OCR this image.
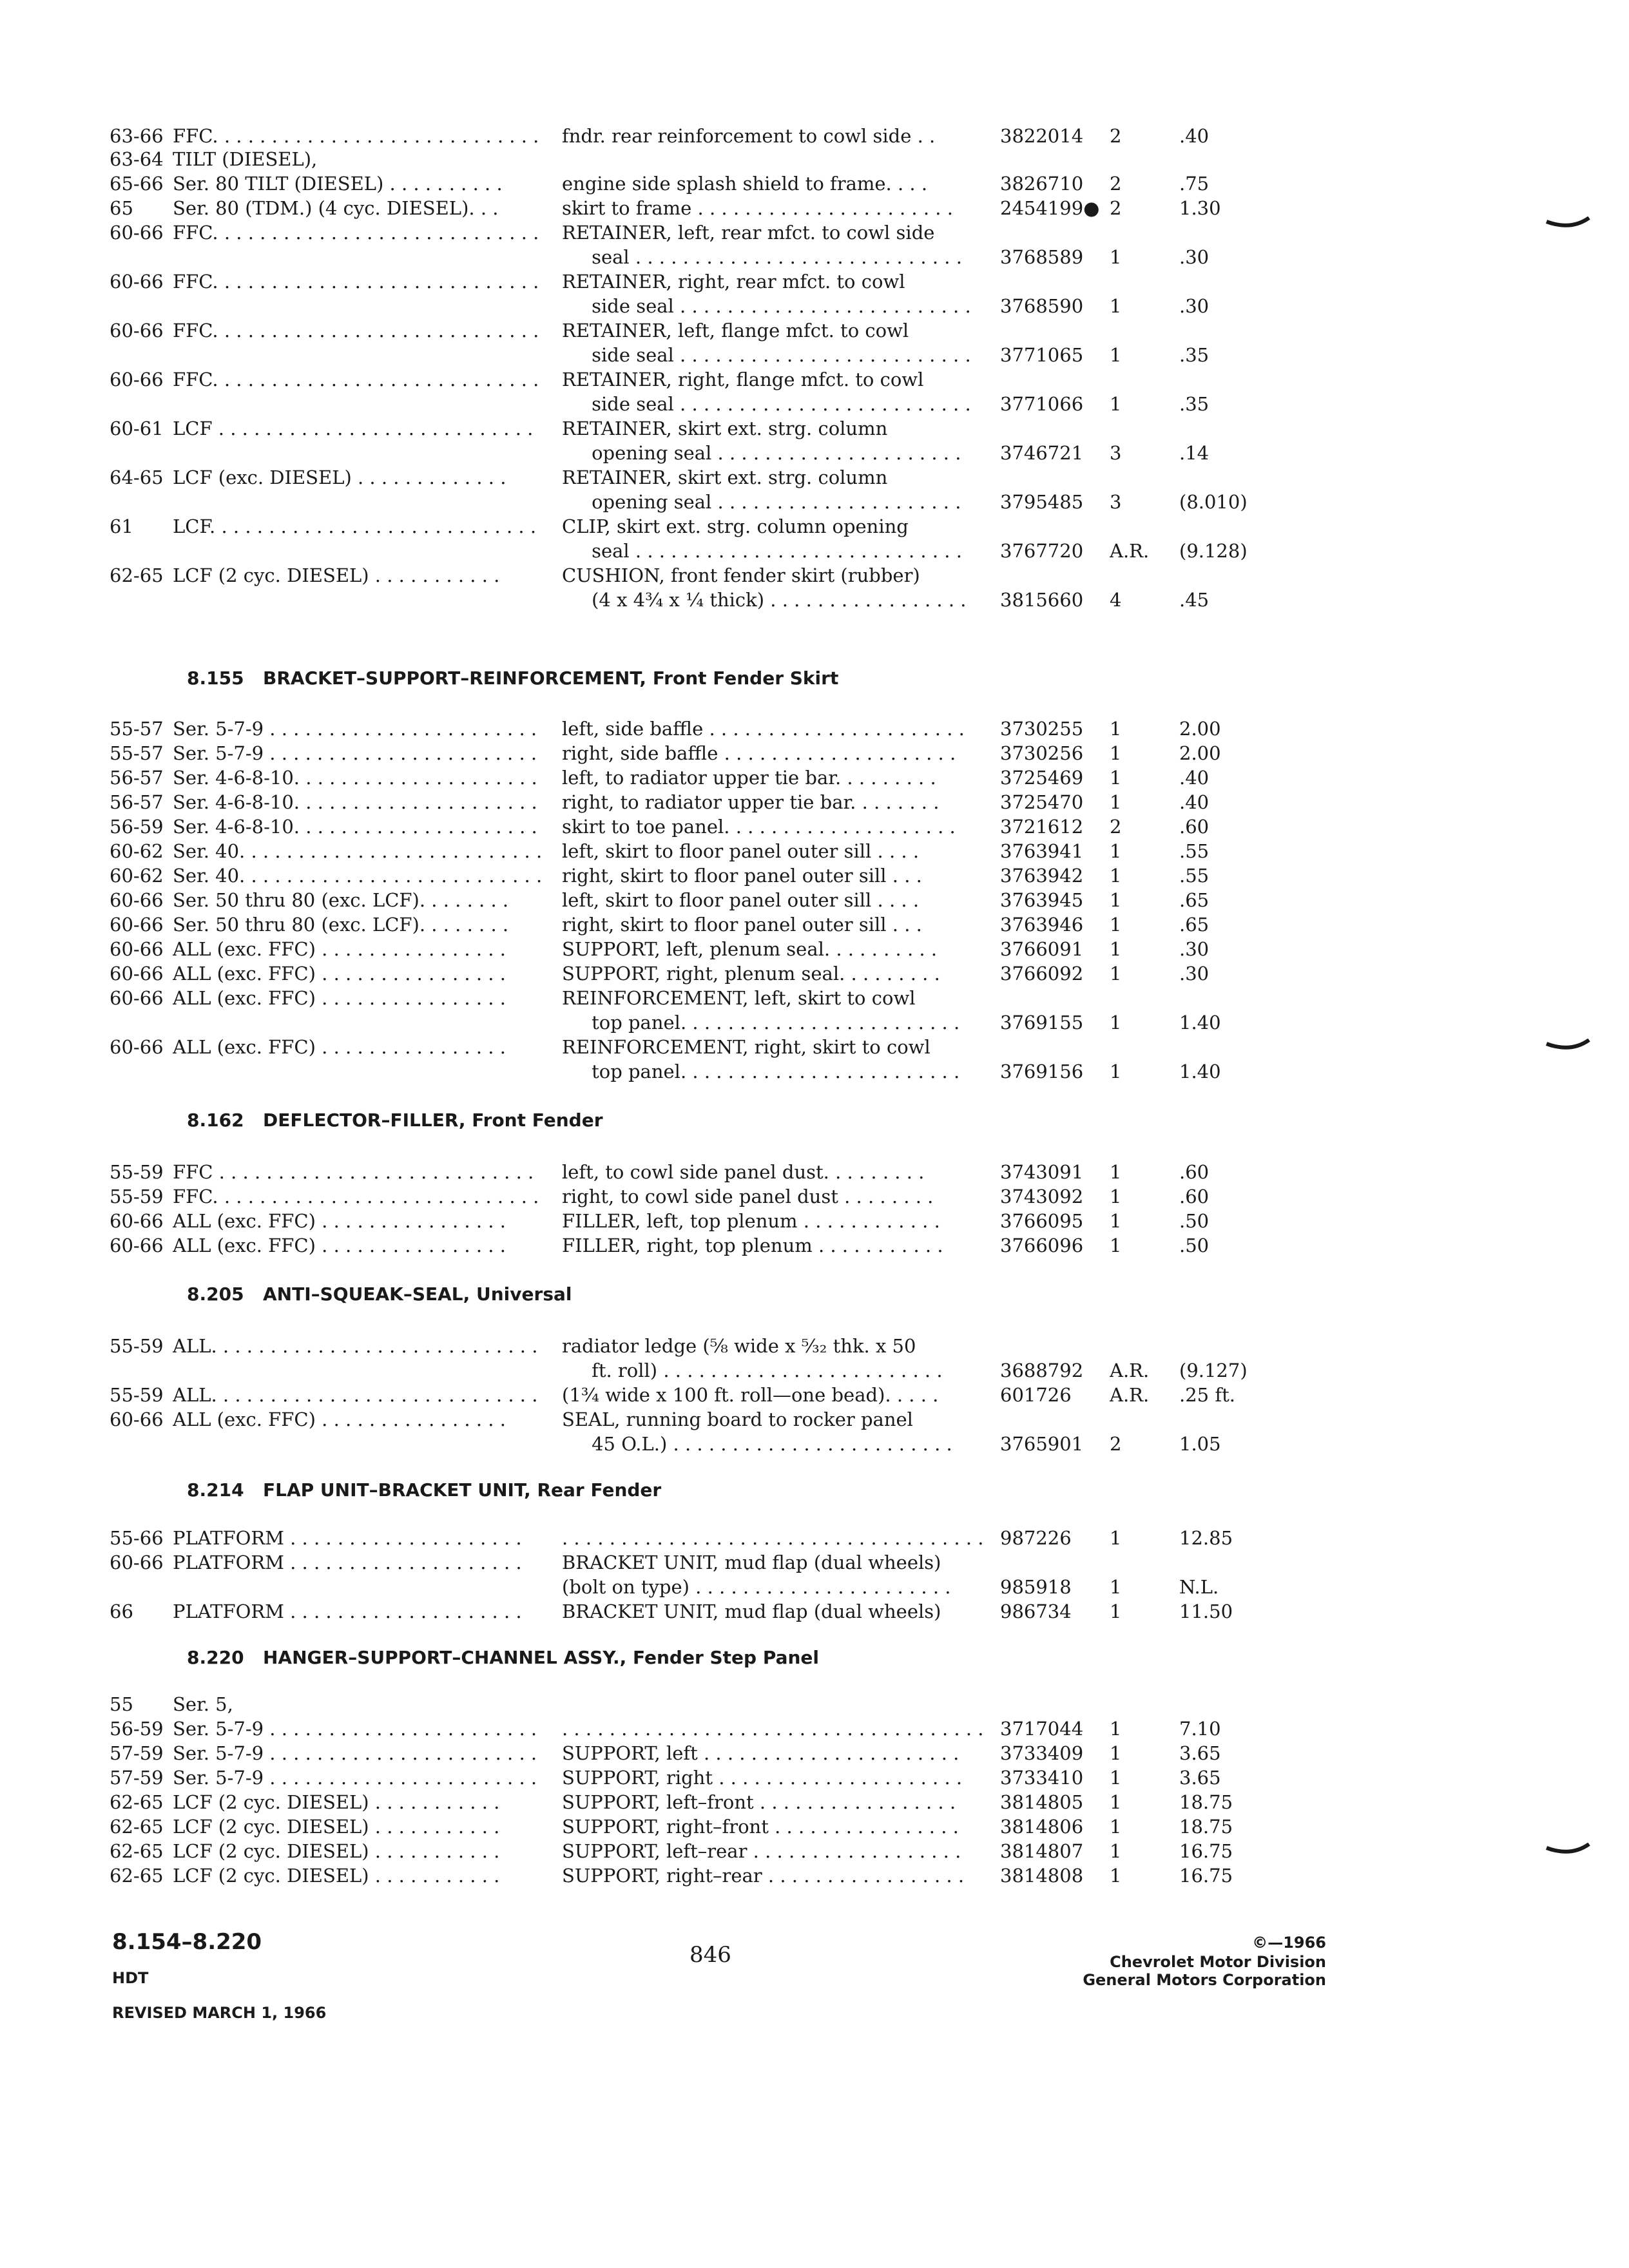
63-66 FFC. . . . . . . . . . . . . . . . . . . . . . . . . . . .	fndr. rear reinforcement to cowl side . .	3822014	2	.40
63-64 TILT (DIESEL),
65-66 Ser. 80 TILT (DIESEL) . . . . . . . . . .	engine side splash shield to frame. . . .	3826710	2	.75
65	Ser. 80 (TDM.) (4 cyc. DIESEL). . .	skirt to frame . . . . . . . . . . . . . . . . . . . . . .	2454199● 2	1.30
60-66 FFC. . . . . . . . . . . . . . . . . . . . . . . . . . . .	RETAINER, left, rear mfct. to cowl side
seal . . . . . . . . . . . . . . . . . . . . . . . . . . . .	3768589	1	.30
60-66 FFC. . . . . . . . . . . . . . . . . . . . . . . . . . . .	RETAINER, right, rear mfct. to cowl
side seal . . . . . . . . . . . . . . . . . . . . . . . . .	3768590	1	.30
60-66 FFC. . . . . . . . . . . . . . . . . . . . . . . . . . . .	RETAINER, left, flange mfct. to cowl
side seal . . . . . . . . . . . . . . . . . . . . . . . . .	3771065	1	.35
60-66 FFC. . . . . . . . . . . . . . . . . . . . . . . . . . . .	RETAINER, right, flange mfct. to cowl
side seal . . . . . . . . . . . . . . . . . . . . . . . . .	3771066	1	.35
60-61 LCF . . . . . . . . . . . . . . . . . . . . . . . . . . .	RETAINER, skirt ext. strg. column
opening seal . . . . . . . . . . . . . . . . . . . . .	3746721	3	.14
64-65 LCF (exc. DIESEL) . . . . . . . . . . . . .	RETAINER, skirt ext. strg. column
opening seal . . . . . . . . . . . . . . . . . . . . .	3795485	3	(8.010)
61	LCF. . . . . . . . . . . . . . . . . . . . . . . . . . . .	CLIP, skirt ext. strg. column opening
seal . . . . . . . . . . . . . . . . . . . . . . . . . . . .	3767720	A.R.	(9.128)
62-65 LCF (2 cyc. DIESEL) . . . . . . . . . . .	CUSHION, front fender skirt (rubber)
(4 x 4¾ x ¼ thick) . . . . . . . . . . . . . . . . .	3815660	4	.45
8.155 BRACKET–SUPPORT–REINFORCEMENT, Front Fender Skirt
55-57 Ser. 5-7-9 . . . . . . . . . . . . . . . . . . . . . . .	left, side baffle . . . . . . . . . . . . . . . . . . . . . .	3730255	1	2.00
55-57 Ser. 5-7-9 . . . . . . . . . . . . . . . . . . . . . . .	right, side baffle . . . . . . . . . . . . . . . . . . . .	3730256	1	2.00
56-57 Ser. 4-6-8-10. . . . . . . . . . . . . . . . . . . . .	left, to radiator upper tie bar. . . . . . . . .	3725469	1	.40
56-57 Ser. 4-6-8-10. . . . . . . . . . . . . . . . . . . . .	right, to radiator upper tie bar. . . . . . . .	3725470	1	.40
56-59 Ser. 4-6-8-10. . . . . . . . . . . . . . . . . . . . .	skirt to toe panel. . . . . . . . . . . . . . . . . . . .	3721612	2	.60
60-62 Ser. 40. . . . . . . . . . . . . . . . . . . . . . . . . .	left, skirt to floor panel outer sill . . . .	3763941	1	.55
60-62 Ser. 40. . . . . . . . . . . . . . . . . . . . . . . . . .	right, skirt to floor panel outer sill . . .	3763942	1	.55
60-66 Ser. 50 thru 80 (exc. LCF). . . . . . . .	left, skirt to floor panel outer sill . . . .	3763945	1	.65
60-66 Ser. 50 thru 80 (exc. LCF). . . . . . . .	right, skirt to floor panel outer sill . . .	3763946	1	.65
60-66 ALL (exc. FFC) . . . . . . . . . . . . . . . .	SUPPORT, left, plenum seal. . . . . . . . . .	3766091	1	.30
60-66 ALL (exc. FFC) . . . . . . . . . . . . . . . .	SUPPORT, right, plenum seal. . . . . . . . .	3766092	1	.30
60-66 ALL (exc. FFC) . . . . . . . . . . . . . . . .	REINFORCEMENT, left, skirt to cowl
top panel. . . . . . . . . . . . . . . . . . . . . . . .	3769155	1	1.40
60-66 ALL (exc. FFC) . . . . . . . . . . . . . . . .	REINFORCEMENT, right, skirt to cowl
top panel. . . . . . . . . . . . . . . . . . . . . . . .	3769156	1	1.40
8.162 DEFLECTOR–FILLER, Front Fender
55-59 FFC . . . . . . . . . . . . . . . . . . . . . . . . . . .	left, to cowl side panel dust. . . . . . . . .	3743091	1	.60
55-59 FFC. . . . . . . . . . . . . . . . . . . . . . . . . . . .	right, to cowl side panel dust . . . . . . . .	3743092	1	.60
60-66 ALL (exc. FFC) . . . . . . . . . . . . . . . .	FILLER, left, top plenum . . . . . . . . . . . .	3766095	1	.50
60-66 ALL (exc. FFC) . . . . . . . . . . . . . . . .	FILLER, right, top plenum . . . . . . . . . . .	3766096	1	.50
8.205 ANTI–SQUEAK–SEAL, Universal
55-59 ALL. . . . . . . . . . . . . . . . . . . . . . . . . . . .	radiator ledge (⅝ wide x ⁵⁄₃₂ thk. x 50
ft. roll) . . . . . . . . . . . . . . . . . . . . . . . .	3688792	A.R.	(9.127)
55-59 ALL. . . . . . . . . . . . . . . . . . . . . . . . . . . .	(1¾ wide x 100 ft. roll—one bead). . . . .	601726	A.R.	.25 ft.
60-66 ALL (exc. FFC) . . . . . . . . . . . . . . . .	SEAL, running board to rocker panel
45 O.L.) . . . . . . . . . . . . . . . . . . . . . . . .	3765901	2	1.05
8.214 FLAP UNIT–BRACKET UNIT, Rear Fender
55-66 PLATFORM . . . . . . . . . . . . . . . . . . . .	. . . . . . . . . . . . . . . . . . . . . . . . . . . . . . . . . . . . 987226	1	12.85
60-66 PLATFORM . . . . . . . . . . . . . . . . . . . .	BRACKET UNIT, mud flap (dual wheels)
(bolt on type) . . . . . . . . . . . . . . . . . . . . . .	985918	1	N.L.
66	PLATFORM . . . . . . . . . . . . . . . . . . . .	BRACKET UNIT, mud flap (dual wheels)	986734	1	11.50
8.220 HANGER–SUPPORT–CHANNEL ASSY., Fender Step Panel
55	Ser. 5,
56-59 Ser. 5-7-9 . . . . . . . . . . . . . . . . . . . . . . .	. . . . . . . . . . . . . . . . . . . . . . . . . . . . . . . . . . . . 3717044	1	7.10
57-59 Ser. 5-7-9 . . . . . . . . . . . . . . . . . . . . . . .	SUPPORT, left . . . . . . . . . . . . . . . . . . . . . .	3733409	1	3.65
57-59 Ser. 5-7-9 . . . . . . . . . . . . . . . . . . . . . . .	SUPPORT, right . . . . . . . . . . . . . . . . . . . . .	3733410	1	3.65
62-65 LCF (2 cyc. DIESEL) . . . . . . . . . . .	SUPPORT, left–front . . . . . . . . . . . . . . . . .	3814805	1	18.75
62-65 LCF (2 cyc. DIESEL) . . . . . . . . . . .	SUPPORT, right–front . . . . . . . . . . . . . . . .	3814806	1	18.75
62-65 LCF (2 cyc. DIESEL) . . . . . . . . . . .	SUPPORT, left–rear . . . . . . . . . . . . . . . . . .	3814807	1	16.75
62-65 LCF (2 cyc. DIESEL) . . . . . . . . . . .	SUPPORT, right–rear . . . . . . . . . . . . . . . . .	3814808	1	16.75
8.154–8.220
HDT
REVISED MARCH 1, 1966
846	©—1966
Chevrolet Motor Division
General Motors Corporation
